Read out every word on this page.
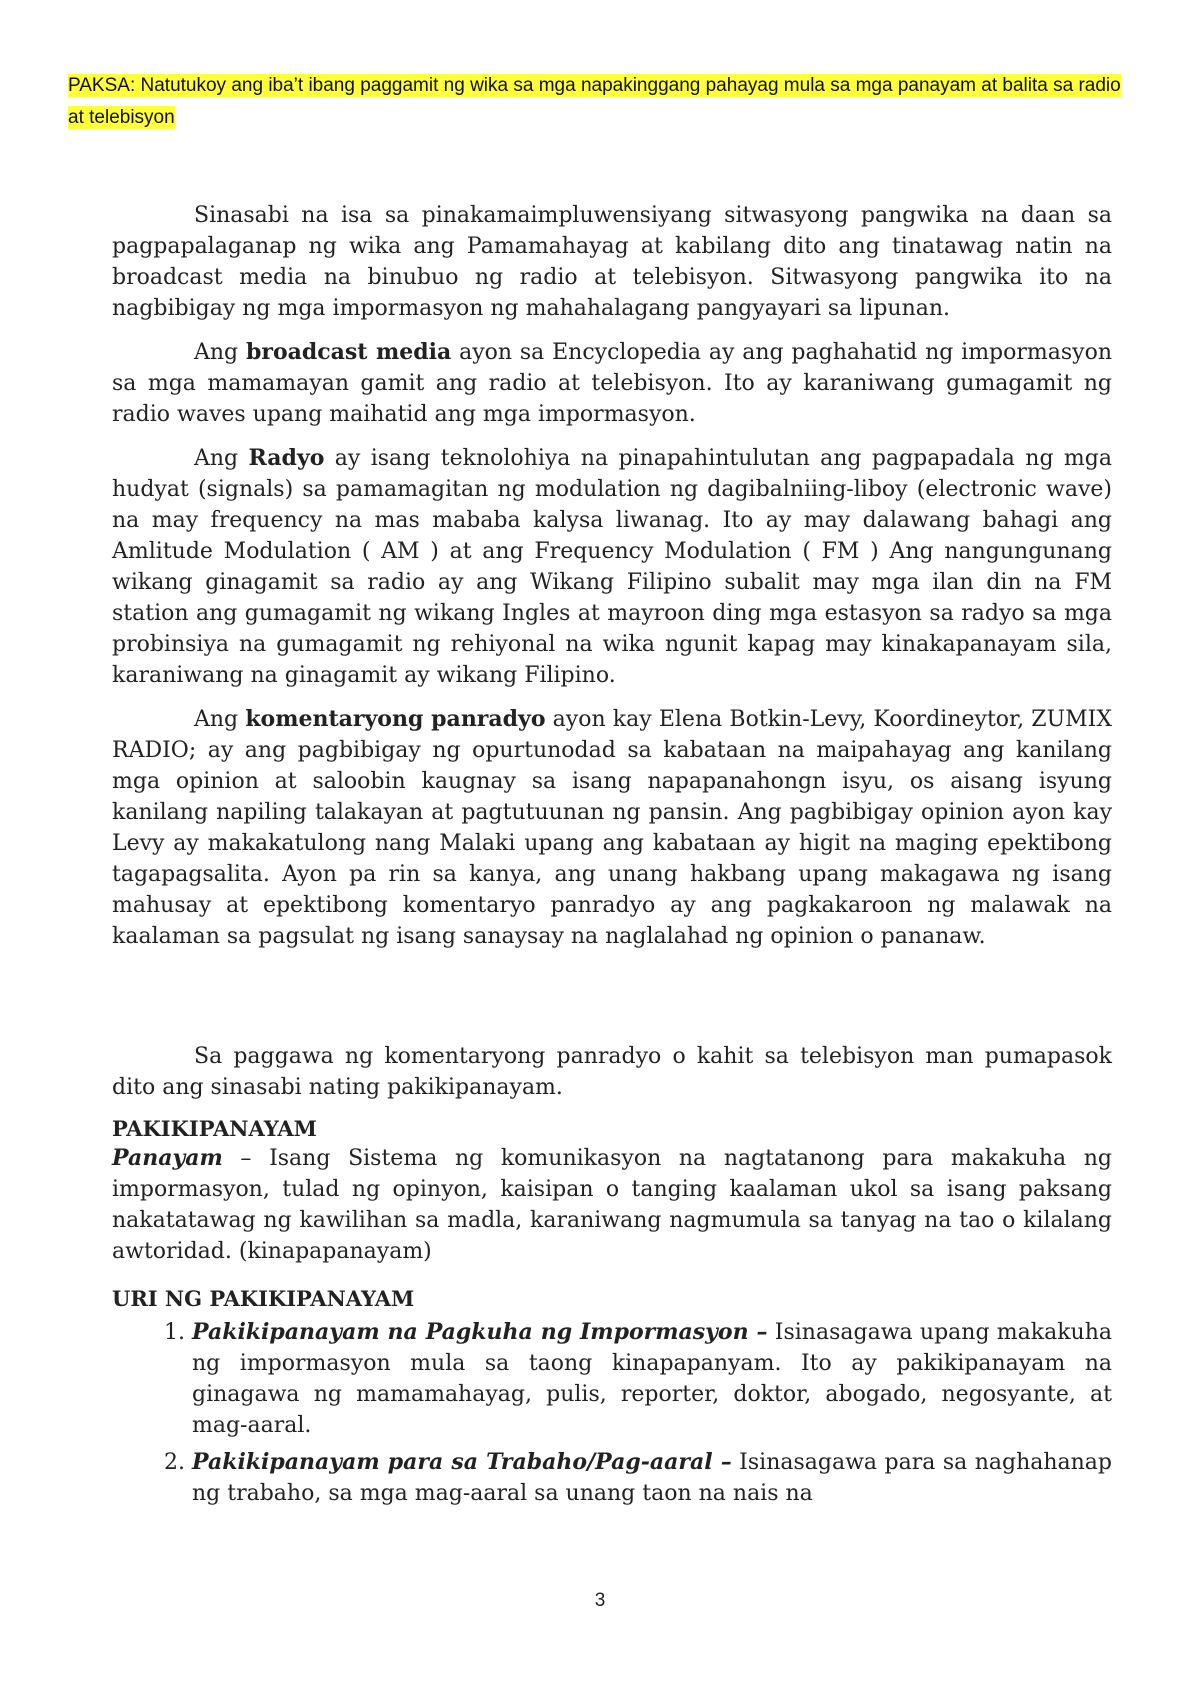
PAKSA: Natutukoy ang iba’t ibang paggamit ng wika sa mga napakinggang pahayag mula sa mga panayam at balita sa radio at telebisyon

Sinasabi na isa sa pinakamaimpluwensiyang sitwasyong pangwika na daan sa pagpapalaganap ng wika ang Pamamahayag at kabilang dito ang tinatawag natin na broadcast media na binubuo ng radio at telebisyon. Sitwasyong pangwika ito na nagbibigay ng mga impormasyon ng mahahalagang pangyayari sa lipunan.

Ang broadcast media ayon sa Encyclopedia ay ang paghahatid ng impormasyon sa mga mamamayan gamit ang radio at telebisyon. Ito ay karaniwang gumagamit ng radio waves upang maihatid ang mga impormasyon.

Ang Radyo ay isang teknolohiya na pinapahintulutan ang pagpapadala ng mga hudyat (signals) sa pamamagitan ng modulation ng dagibalniing-liboy (electronic wave) na may frequency na mas mababa kalysa liwanag. Ito ay may dalawang bahagi ang Amlitude Modulation ( AM ) at ang Frequency Modulation ( FM ) Ang nangungunang wikang ginagamit sa radio ay ang Wikang Filipino subalit may mga ilan din na FM station ang gumagamit ng wikang Ingles at mayroon ding mga estasyon sa radyo sa mga probinsiya na gumagamit ng rehiyonal na wika ngunit kapag may kinakapanayam sila, karaniwang na ginagamit ay wikang Filipino.

Ang komentaryong panradyo ayon kay Elena Botkin-Levy, Koordineytor, ZUMIX RADIO; ay ang pagbibigay ng opurtunodad sa kabataan na maipahayag ang kanilang mga opinion at saloobin kaugnay sa isang napapanahongn isyu, os aisang isyung kanilang napiling talakayan at pagtutuunan ng pansin. Ang pagbibigay opinion ayon kay Levy ay makakatulong nang Malaki upang ang kabataan ay higit na maging epektibong tagapagsalita. Ayon pa rin sa kanya, ang unang hakbang upang makagawa ng isang mahusay at epektibong komentaryo panradyo ay ang pagkakaroon ng malawak na kaalaman sa pagsulat ng isang sanaysay na naglalahad ng opinion o pananaw.

Sa paggawa ng komentaryong panradyo o kahit sa telebisyon man pumapasok dito ang sinasabi nating pakikipanayam.

PAKIKIPANAYAM

Panayam – Isang Sistema ng komunikasyon na nagtatanong para makakuha ng impormasyon, tulad ng opinyon, kaisipan o tanging kaalaman ukol sa isang paksang nakatatawag ng kawilihan sa madla, karaniwang nagmumula sa tanyag na tao o kilalang awtoridad. (kinapapanayam)

URI NG PAKIKIPANAYAM
1. Pakikipanayam na Pagkuha ng Impormasyon – Isinasagawa upang makakuha ng impormasyon mula sa taong kinapapanyam. Ito ay pakikipanayam na ginagawa ng mamamahayag, pulis, reporter, doktor, abogado, negosyante, at mag-aaral.
2. Pakikipanayam para sa Trabaho/Pag-aaral – Isinasagawa para sa naghahanap ng trabaho, sa mga mag-aaral sa unang taon na nais na
3
